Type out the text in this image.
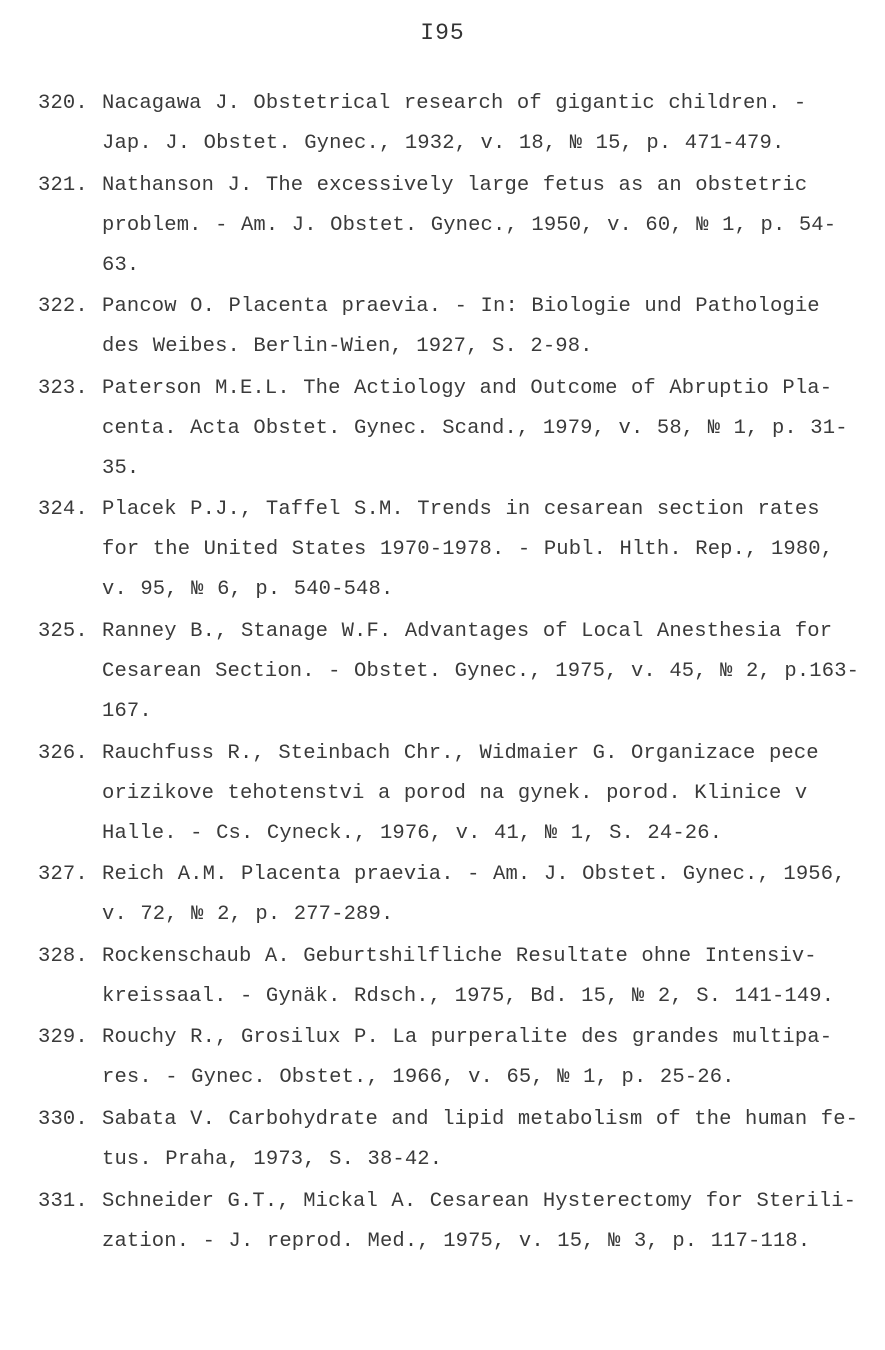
I95
320. Nacagawa J. Obstetrical research of gigantic children. -
Jap. J. Obstet. Gynec., 1932, v. 18, № 15, p. 471-479.
321. Nathanson J. The excessively large fetus as an obstetric
problem. - Am. J. Obstet. Gynec., 1950, v. 60, № 1, p. 54-
63.
322. Pancow O. Placenta praevia. - In: Biologie und Pathologie
des Weibes. Berlin-Wien, 1927, S. 2-98.
323. Paterson M.E.L. The Actiology and Outcome of Abruptio Pla-
centa. Acta Obstet. Gynec. Scand., 1979, v. 58, № 1, p. 31-
35.
324. Placek P.J., Taffel S.M. Trends in cesarean section rates
for the United States 1970-1978. - Publ. Hlth. Rep., 1980,
v. 95, № 6, p. 540-548.
325. Ranney B., Stanage W.F. Advantages of Local Anesthesia for
Cesarean Section. - Obstet. Gynec., 1975, v. 45, № 2, p.163-
167.
326. Rauchfuss R., Steinbach Chr., Widmaier G. Organizace pece
orizikove tehotenstvi a porod na gynek. porod. Klinice v
Halle. - Cs. Cyneck., 1976, v. 41, № 1, S. 24-26.
327. Reich A.M. Placenta praevia. - Am. J. Obstet. Gynec., 1956,
v. 72, № 2, p. 277-289.
328. Rockenschaub A. Geburtshilfliche Resultate ohne Intensiv-
kreissaal. - Gynäk. Rdsch., 1975, Bd. 15, № 2, S. 141-149.
329. Rouchy R., Grosilux P. La purperalite des grandes multipa-
res. - Gynec. Obstet., 1966, v. 65, № 1, p. 25-26.
330. Sabata V. Carbohydrate and lipid metabolism of the human fe-
tus. Praha, 1973, S. 38-42.
331. Schneider G.T., Mickal A. Cesarean Hysterectomy for Sterili-
zation. - J. reprod. Med., 1975, v. 15, № 3, p. 117-118.
